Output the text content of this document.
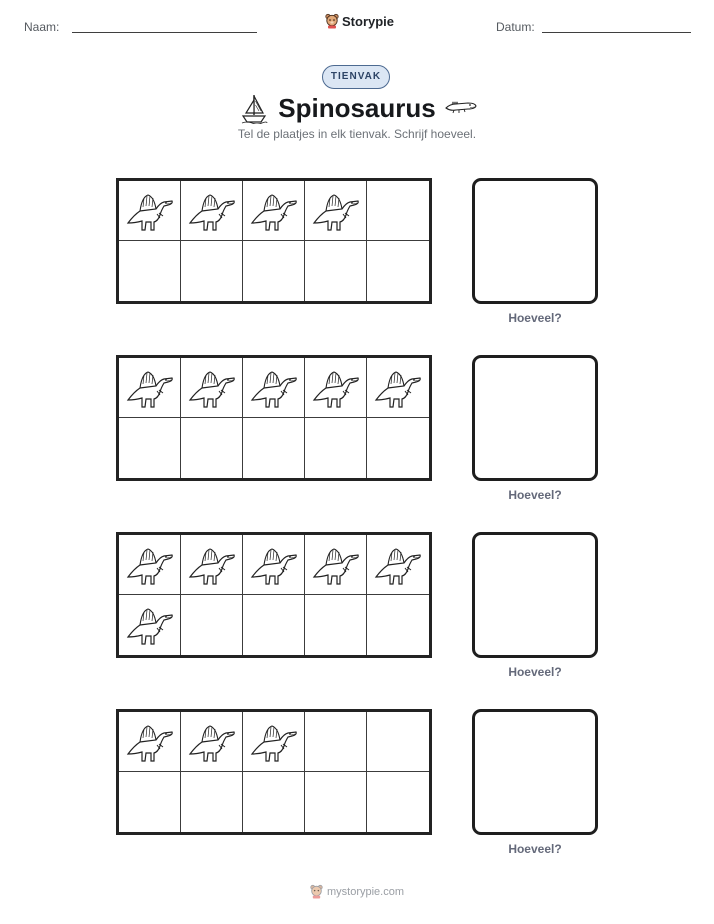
Naam:	Storypie	Datum:
TIENVAK
Spinosaurus
Tel de plaatjes in elk tienvak. Schrijf hoeveel.
Hoeveel?
Hoeveel?
Hoeveel?
Hoeveel?
mystorypie.com
